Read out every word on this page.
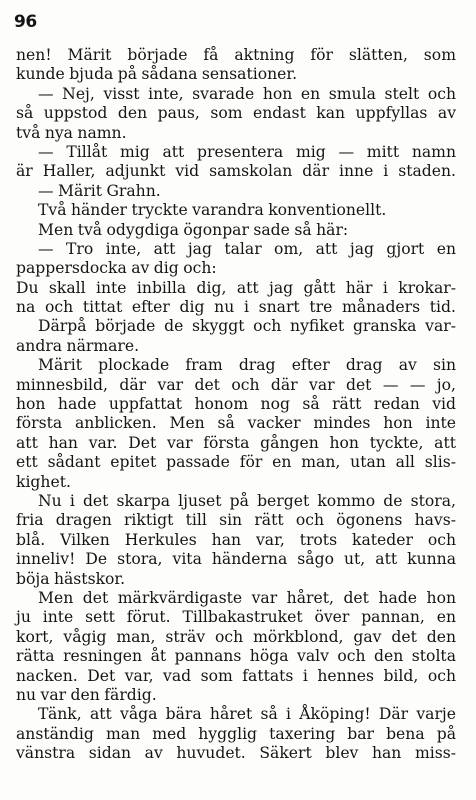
96
nen! Märit började få aktning för slätten, som
kunde bjuda på sådana sensationer.
— Nej, visst inte, svarade hon en smula stelt och
så uppstod den paus, som endast kan uppfyllas av
två nya namn.
— Tillåt mig att presentera mig — mitt namn
är Haller, adjunkt vid samskolan där inne i staden.
— Märit Grahn.
Två händer tryckte varandra konventionellt.
Men två odygdiga ögonpar sade så här:
— Tro inte, att jag talar om, att jag gjort en
pappersdocka av dig och:
Du skall inte inbilla dig, att jag gått här i krokar-
na och tittat efter dig nu i snart tre månaders tid.
Därpå började de skyggt och nyfiket granska var-
andra närmare.
Märit plockade fram drag efter drag av sin
minnesbild, där var det och där var det — — jo,
hon hade uppfattat honom nog så rätt redan vid
första anblicken. Men så vacker mindes hon inte
att han var. Det var första gången hon tyckte, att
ett sådant epitet passade för en man, utan all slis-
kighet.
Nu i det skarpa ljuset på berget kommo de stora,
fria dragen riktigt till sin rätt och ögonens havs-
blå. Vilken Herkules han var, trots kateder och
inneliv! De stora, vita händerna sågo ut, att kunna
böja hästskor.
Men det märkvärdigaste var håret, det hade hon
ju inte sett förut. Tillbakastruket över pannan, en
kort, vågig man, sträv och mörkblond, gav det den
rätta resningen åt pannans höga valv och den stolta
nacken. Det var, vad som fattats i hennes bild, och
nu var den färdig.
Tänk, att våga bära håret så i Åköping! Där varje
anständig man med hygglig taxering bar bena på
vänstra sidan av huvudet. Säkert blev han miss-
